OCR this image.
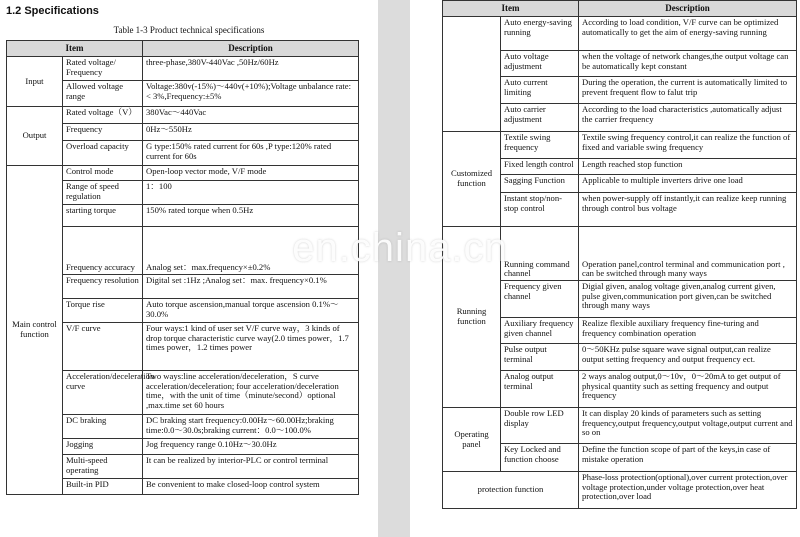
1.2 Specifications
Table 1-3 Product technical specifications
Item		Description
Input	Rated voltage/ Frequency	three-phase,380V-440Vac ,50Hz/60Hz
	Allowed voltage range	Voltage:380v(-15%)～440v(+10%);Voltage unbalance rate: < 3%,Frequency:±5%
Output	Rated voltage（V）	380Vac～440Vac
	Frequency	0Hz～550Hz
	Overload capacity	G type:150% rated current for 60s ,P type:120% rated current for 60s
Main control function	Control mode	Open-loop vector mode, V/F mode
	Range of speed regulation	1：100
	starting torque	150% rated torque when 0.5Hz
	Frequency accuracy	Analog set：max.frequency×±0.2%
	Frequency resolution	Digital set :1Hz ;Analog set：max. frequency×0.1%
	Torque rise	Auto torque ascension,manual torque ascension 0.1%～30.0%
	V/F curve	Four ways:1 kind of user set V/F curve way，3 kinds of drop torque characteristic curve way(2.0 times power，1.7 times power，1.2 times power
	Acceleration/deceleration curve	Two ways:line acceleration/deceleration，S curve acceleration/deceleration; four acceleration/deceleration time，with the unit of time（minute/second）optional ,max.time set 60 hours
	DC braking	DC braking start frequency:0.00Hz～60.00Hz;braking time:0.0～30.0s;braking current：0.0～100.0%
	Jogging	Jog frequency range 0.10Hz～30.0Hz
	Multi-speed operating	It can be realized by interior-PLC or control terminal
	Built-in PID	Be convenient to make closed-loop control system
Item		Description
	Auto energy-saving running	According to load condition, V/F curve can be optimized automatically to get the aim of energy-saving running
	Auto voltage adjustment	when the voltage of network changes,the output voltage can be automatically kept constant
	Auto current limiting	During the operation, the current is automatically limited to prevent frequent flow to falut trip
	Auto carrier adjustment	According to the load characteristics ,automatically adjust the carrier frequency
Customized function	Textile swing frequency	Textile swing frequency control,it can realize the function of fixed and variable swing frequency
	Fixed length control	Length reached stop function
	Sagging Function	Applicable to multiple inverters drive one load
	Instant stop/non-stop control	when power-supply off instantly,it can realize keep running through control bus voltage
Running function	Running command channel	Operation panel,control terminal and communication port , can be switched through many ways
	Frequency given channel	Digial given, analog voltage given,analog current given, pulse given,communication port given,can be switched through many ways
	Auxiliary frequency given channel	Realize flexible auxiliary frequency fine-turing and frequency combination operation
	Pulse output terminal	0～50KHz pulse square wave signal output,can realize output setting frequency and output frequency ect.
	Analog output terminal	2 ways analog output,0～10v，0～20mA to get output of physical quantity such as setting frequency and output frequency
Operating panel	Double row LED display	It can display 20 kinds of parameters such as setting frequency,output frequency,output voltage,output current and so on
	Key Locked and function choose	Define the function scope of part of the keys,in case of mistake operation
protection function		Phase-loss protection(optional),over current protection,over voltage protection,under voltage protection,over heat protection,over load
en.china.cn
